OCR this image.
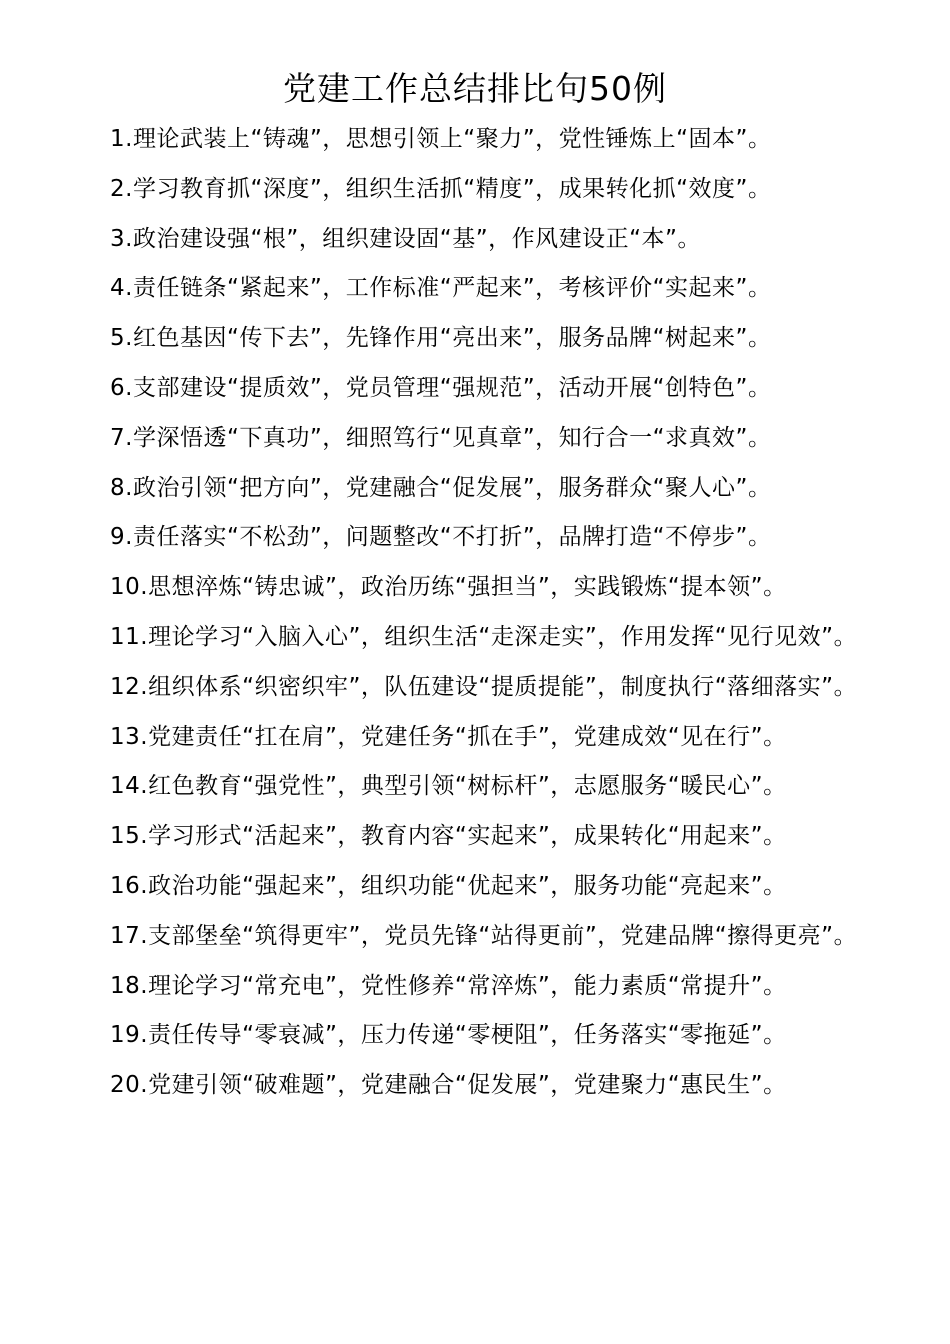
党建工作总结排比句50例

1.理论武装上“铸魂”，思想引领上“聚力”，党性锤炼上“固本”。

2.学习教育抓“深度”，组织生活抓“精度”，成果转化抓“效度”。

3.政治建设强“根”，组织建设固“基”，作风建设正“本”。

4.责任链条“紧起来”，工作标准“严起来”，考核评价“实起来”。

5.红色基因“传下去”，先锋作用“亮出来”，服务品牌“树起来”。

6.支部建设“提质效”，党员管理“强规范”，活动开展“创特色”。

7.学深悟透“下真功”，细照笃行“见真章”，知行合一“求真效”。

8.政治引领“把方向”，党建融合“促发展”，服务群众“聚人心”。

9.责任落实“不松劲”，问题整改“不打折”，品牌打造“不停步”。

10.思想淬炼“铸忠诚”，政治历练“强担当”，实践锻炼“提本领”。

11.理论学习“入脑入心”，组织生活“走深走实”，作用发挥“见行见效”。

12.组织体系“织密织牢”，队伍建设“提质提能”，制度执行“落细落实”。

13.党建责任“扛在肩”，党建任务“抓在手”，党建成效“见在行”。

14.红色教育“强党性”，典型引领“树标杆”，志愿服务“暖民心”。

15.学习形式“活起来”，教育内容“实起来”，成果转化“用起来”。

16.政治功能“强起来”，组织功能“优起来”，服务功能“亮起来”。

17.支部堡垒“筑得更牢”，党员先锋“站得更前”，党建品牌“擦得更亮”。

18.理论学习“常充电”，党性修养“常淬炼”，能力素质“常提升”。

19.责任传导“零衰减”，压力传递“零梗阻”，任务落实“零拖延”。

20.党建引领“破难题”，党建融合“促发展”，党建聚力“惠民生”。
